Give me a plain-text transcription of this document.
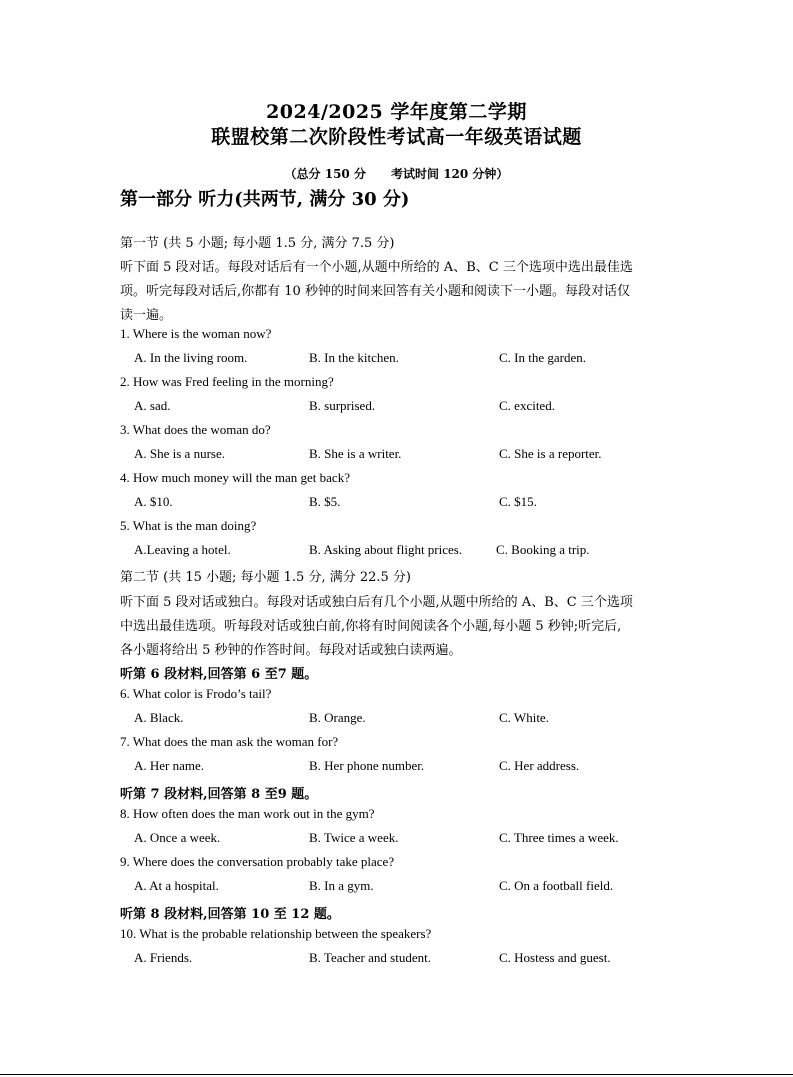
2024/2025 学年度第二学期
联盟校第二次阶段性考试高一年级英语试题
（总分 150 分      考试时间 120 分钟）
第一部分 听力(共两节, 满分 30 分)
第一节 (共 5 小题; 每小题 1.5 分, 满分 7.5 分)
听下面 5 段对话。每段对话后有一个小题,从题中所给的 A、B、C 三个选项中选出最佳选
项。听完每段对话后,你都有 10 秒钟的时间来回答有关小题和阅读下一小题。每段对话仅
读一遍。
1. Where is the woman now?
A. In the living room.	B. In the kitchen.	C. In the garden.
2. How was Fred feeling in the morning?
A. sad.	B. surprised.	C. excited.
3. What does the woman do?
A. She is a nurse.	B. She is a writer.	C. She is a reporter.
4. How much money will the man get back?
A. $10.	B. $5.	C. $15.
5. What is the man doing?
A.Leaving a hotel.	B. Asking about flight prices.	C. Booking a trip.
第二节 (共 15 小题; 每小题 1.5 分, 满分 22.5 分)
听下面 5 段对话或独白。每段对话或独白后有几个小题,从题中所给的 A、B、C 三个选项
中选出最佳选项。听每段对话或独白前,你将有时间阅读各个小题,每小题 5 秒钟;听完后,
各小题将给出 5 秒钟的作答时间。每段对话或独白读两遍。
听第 6 段材料,回答第 6 至7 题。
6. What color is Frodo’s tail?
A. Black.	B. Orange.	C. White.
7. What does the man ask the woman for?
A. Her name.	B. Her phone number.	C. Her address.
听第 7 段材料,回答第 8 至9 题。
8. How often does the man work out in the gym?
A. Once a week.	B. Twice a week.	C. Three times a week.
9. Where does the conversation probably take place?
A. At a hospital.	B. In a gym.	C. On a football field.
听第 8 段材料,回答第 10 至 12 题。
10. What is the probable relationship between the speakers?
A. Friends.	B. Teacher and student.	C. Hostess and guest.
